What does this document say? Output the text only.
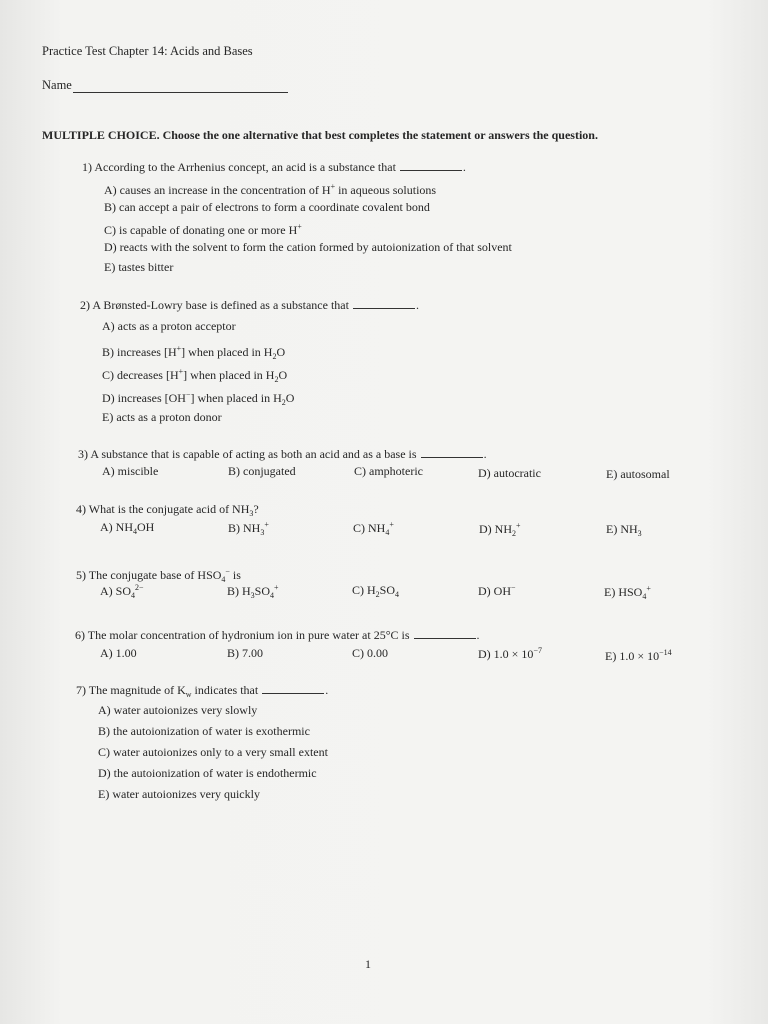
Practice Test Chapter 14: Acids and Bases
Name
MULTIPLE CHOICE. Choose the one alternative that best completes the statement or answers the question.
1) According to the Arrhenius concept, an acid is a substance that	.
A) causes an increase in the concentration of H+ in aqueous solutions
B) can accept a pair of electrons to form a coordinate covalent bond
C) is capable of donating one or more H+
D) reacts with the solvent to form the cation formed by autoionization of that solvent
E) tastes bitter
2) A Brønsted-Lowry base is defined as a substance that	.
A) acts as a proton acceptor
B) increases [H+] when placed in $H_2O$
C) decreases [H+] when placed in $H_2O$
D) increases [OH−] when placed in $H_2O$
E) acts as a proton donor
3) A substance that is capable of acting as both an acid and as a base is	.
A) miscible	B) conjugated	C) amphoteric	D) autocratic	E) autosomal
4) What is the conjugate acid of $NH_3$?
A) $NH_4OH$	B) $NH_3^+$	C) $NH_4^+$	D) $NH_2^+$	E) $NH_3$
5) The conjugate base of $HSO_4^-$ is
A) $SO_4^{2-}$	B) $H_3SO_4^+$	C) $H_2SO_4$	D) OH−	E) $HSO_4^+$
6) The molar concentration of hydronium ion in pure water at 25°C is	.
A) 1.00	B) 7.00	C) 0.00	D) $1.0 \times 10^{-7}$	E) $1.0 \times 10^{-14}$
7) The magnitude of $K_w$ indicates that	.
A) water autoionizes very slowly
B) the autoionization of water is exothermic
C) water autoionizes only to a very small extent
D) the autoionization of water is endothermic
E) water autoionizes very quickly
1
